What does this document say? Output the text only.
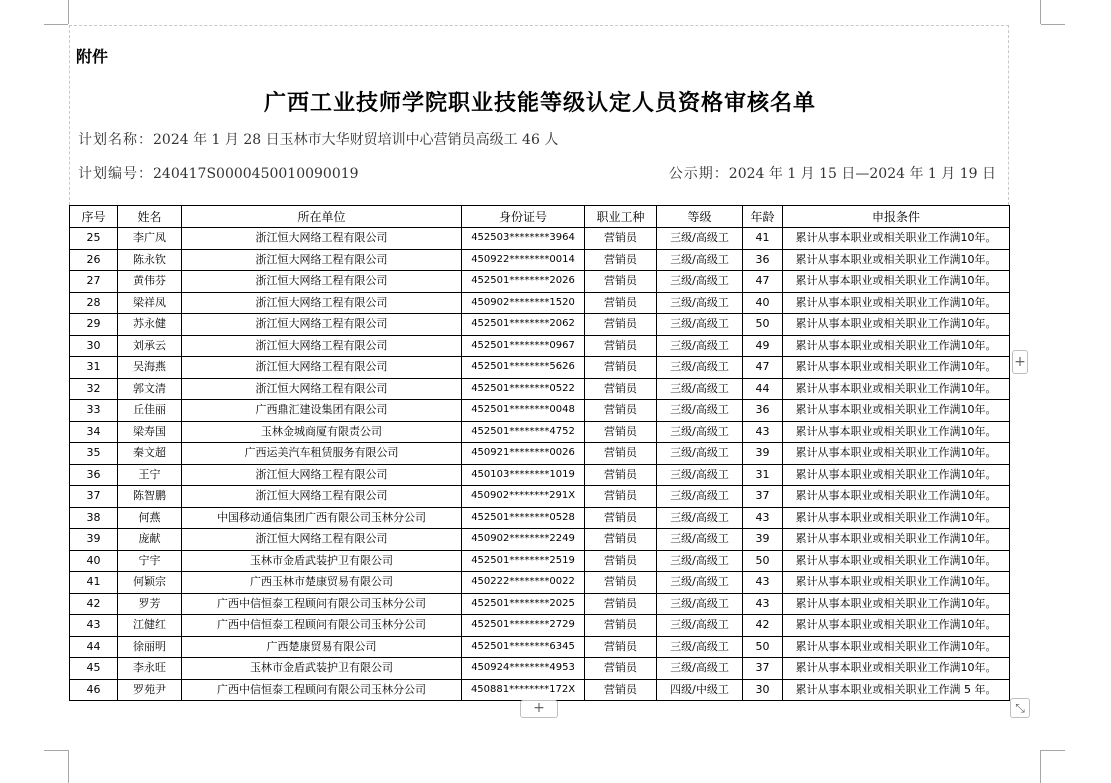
附件
广西工业技师学院职业技能等级认定人员资格审核名单
计划名称：2024 年 1 月 28 日玉林市大华财贸培训中心营销员高级工 46 人
计划编号：240417S0000450010090019	公示期：2024 年 1 月 15 日—2024 年 1 月 19 日
序号	姓名	所在单位	身份证号	职业工种	等级	年龄	申报条件
25	李广凤	浙江恒大网络工程有限公司	452503********3964	营销员	三级/高级工	41	累计从事本职业或相关职业工作满10年。
26	陈永钦	浙江恒大网络工程有限公司	450922********0014	营销员	三级/高级工	36	累计从事本职业或相关职业工作满10年。
27	黄伟芬	浙江恒大网络工程有限公司	452501********2026	营销员	三级/高级工	47	累计从事本职业或相关职业工作满10年。
28	梁祥凤	浙江恒大网络工程有限公司	450902********1520	营销员	三级/高级工	40	累计从事本职业或相关职业工作满10年。
29	苏永健	浙江恒大网络工程有限公司	452501********2062	营销员	三级/高级工	50	累计从事本职业或相关职业工作满10年。
30	刘承云	浙江恒大网络工程有限公司	452501********0967	营销员	三级/高级工	49	累计从事本职业或相关职业工作满10年。
31	吴海燕	浙江恒大网络工程有限公司	452501********5626	营销员	三级/高级工	47	累计从事本职业或相关职业工作满10年。
32	郭文清	浙江恒大网络工程有限公司	452501********0522	营销员	三级/高级工	44	累计从事本职业或相关职业工作满10年。
33	丘佳丽	广西鼎汇建设集团有限公司	452501********0048	营销员	三级/高级工	36	累计从事本职业或相关职业工作满10年。
34	梁寿国	玉林金城商厦有限责公司	452501********4752	营销员	三级/高级工	43	累计从事本职业或相关职业工作满10年。
35	秦文超	广西运美汽车租赁服务有限公司	450921********0026	营销员	三级/高级工	39	累计从事本职业或相关职业工作满10年。
36	王宁	浙江恒大网络工程有限公司	450103********1019	营销员	三级/高级工	31	累计从事本职业或相关职业工作满10年。
37	陈智鹏	浙江恒大网络工程有限公司	450902********291X	营销员	三级/高级工	37	累计从事本职业或相关职业工作满10年。
38	何燕	中国移动通信集团广西有限公司玉林分公司	452501********0528	营销员	三级/高级工	43	累计从事本职业或相关职业工作满10年。
39	庞献	浙江恒大网络工程有限公司	450902********2249	营销员	三级/高级工	39	累计从事本职业或相关职业工作满10年。
40	宁宇	玉林市金盾武装护卫有限公司	452501********2519	营销员	三级/高级工	50	累计从事本职业或相关职业工作满10年。
41	何颖宗	广西玉林市楚康贸易有限公司	450222********0022	营销员	三级/高级工	43	累计从事本职业或相关职业工作满10年。
42	罗芳	广西中信恒泰工程顾问有限公司玉林分公司	452501********2025	营销员	三级/高级工	43	累计从事本职业或相关职业工作满10年。
43	江健红	广西中信恒泰工程顾问有限公司玉林分公司	452501********2729	营销员	三级/高级工	42	累计从事本职业或相关职业工作满10年。
44	徐丽明	广西楚康贸易有限公司	452501********6345	营销员	三级/高级工	50	累计从事本职业或相关职业工作满10年。
45	李永旺	玉林市金盾武装护卫有限公司	450924********4953	营销员	三级/高级工	37	累计从事本职业或相关职业工作满10年。
46	罗苑尹	广西中信恒泰工程顾问有限公司玉林分公司	450881********172X	营销员	四级/中级工	30	累计从事本职业或相关职业工作满 5 年。
+
+	⤡
